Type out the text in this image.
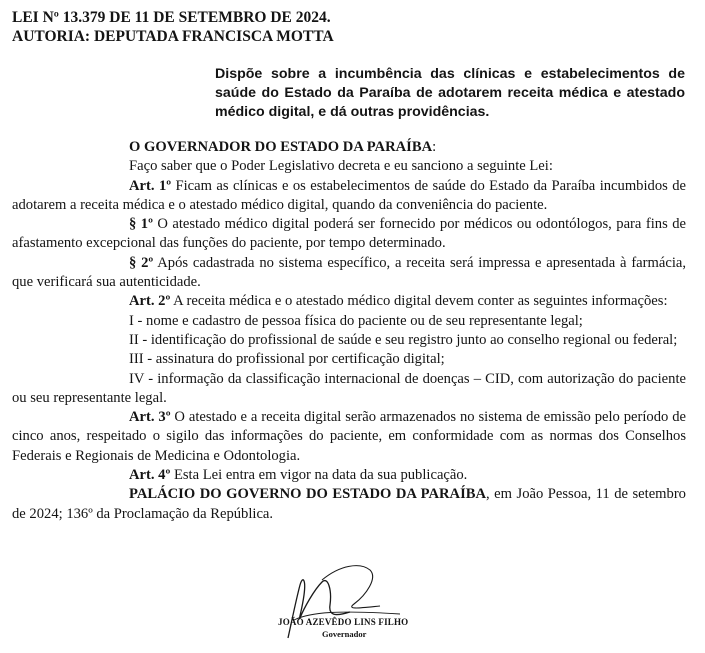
LEI Nº 13.379 DE 11 DE SETEMBRO DE 2024.
AUTORIA: DEPUTADA FRANCISCA MOTTA
Dispõe sobre a incumbência das clínicas e estabelecimentos de saúde do Estado da Paraíba de adotarem receita médica e atestado médico digital, e dá outras providências.

O GOVERNADOR DO ESTADO DA PARAÍBA:

Faço saber que o Poder Legislativo decreta e eu sanciono a seguinte Lei:

Art. 1º Ficam as clínicas e os estabelecimentos de saúde do Estado da Paraíba incumbidos de adotarem a receita médica e o atestado médico digital, quando da conveniência do paciente.

§ 1º O atestado médico digital poderá ser fornecido por médicos ou odontólogos, para fins de afastamento excepcional das funções do paciente, por tempo determinado.

§ 2º Após cadastrada no sistema específico, a receita será impressa e apresentada à farmácia, que verificará sua autenticidade.

Art. 2º A receita médica e o atestado médico digital devem conter as seguintes informações:

I - nome e cadastro de pessoa física do paciente ou de seu representante legal;

II - identificação do profissional de saúde e seu registro junto ao conselho regional ou federal;

III - assinatura do profissional por certificação digital;

IV - informação da classificação internacional de doenças – CID, com autorização do paciente ou seu representante legal.

Art. 3º O atestado e a receita digital serão armazenados no sistema de emissão pelo período de cinco anos, respeitado o sigilo das informações do paciente, em conformidade com as normas dos Conselhos Federais e Regionais de Medicina e Odontologia.

Art. 4º Esta Lei entra em vigor na data da sua publicação.

PALÁCIO DO GOVERNO DO ESTADO DA PARAÍBA, em João Pessoa, 11 de setembro de 2024; 136º da Proclamação da República.

JOÃO AZEVÊDO LINS FILHO
Governador
